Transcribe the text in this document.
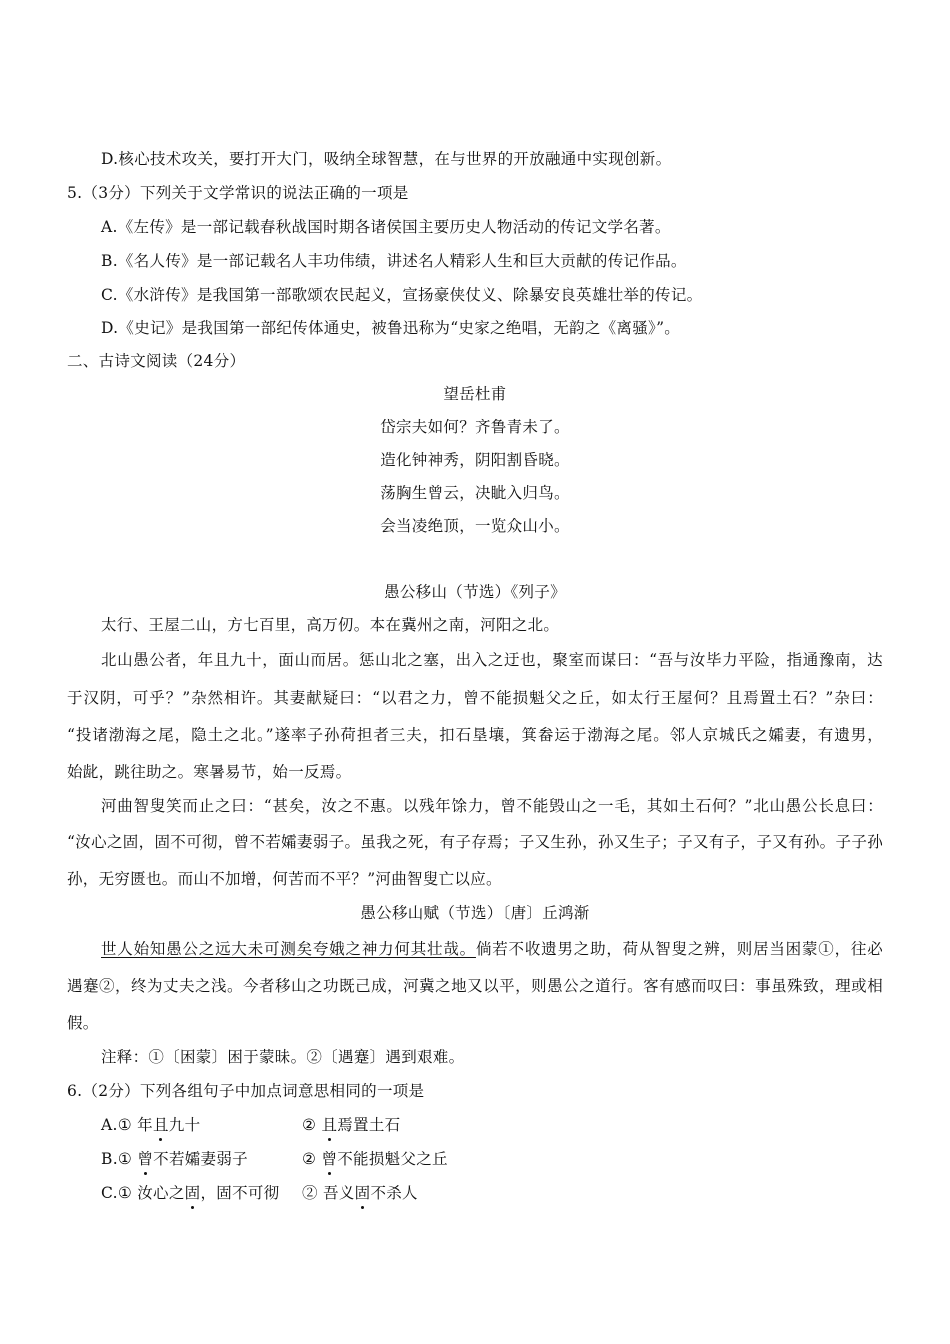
D.核心技术攻关，要打开大门，吸纳全球智慧，在与世界的开放融通中实现创新。
5.（3分）下列关于文学常识的说法正确的一项是
A.《左传》是一部记载春秋战国时期各诸侯国主要历史人物活动的传记文学名著。
B.《名人传》是一部记载名人丰功伟绩，讲述名人精彩人生和巨大贡献的传记作品。
C.《水浒传》是我国第一部歌颂农民起义，宣扬豪侠仗义、除暴安良英雄壮举的传记。
D.《史记》是我国第一部纪传体通史，被鲁迅称为“史家之绝唱，无韵之《离骚》”。
二、古诗文阅读（24分）
望岳杜甫
岱宗夫如何？齐鲁青未了。
造化钟神秀，阴阳割昏晓。
荡胸生曾云，决眦入归鸟。
会当凌绝顶，一览众山小。
愚公移山（节选）《列子》
太行、王屋二山，方七百里，高万仞。本在冀州之南，河阳之北。
北山愚公者，年且九十，面山而居。惩山北之塞，出入之迂也，聚室而谋曰：“吾与汝毕力平险，指通豫南，达
于汉阴，可乎？”杂然相许。其妻献疑曰：“以君之力，曾不能损魁父之丘，如太行王屋何？且焉置土石？”杂曰：
“投诸渤海之尾，隐土之北。”遂率子孙荷担者三夫，扣石垦壤，箕畚运于渤海之尾。邻人京城氏之孀妻，有遗男，
始龀，跳往助之。寒暑易节，始一反焉。
河曲智叟笑而止之曰：“甚矣，汝之不惠。以残年馀力，曾不能毁山之一毛，其如土石何？”北山愚公长息曰：
“汝心之固，固不可彻，曾不若孀妻弱子。虽我之死，有子存焉；子又生孙，孙又生子；子又有子，子又有孙。子子孙
孙，无穷匮也。而山不加增，何苦而不平？”河曲智叟亡以应。
愚公移山赋（节选）〔唐〕丘鸿渐
世人始知愚公之远大未可测矣夸娥之神力何其壮哉。倘若不收遗男之助，荷从智叟之辨，则居当困蒙①，往必
遇蹇②，终为丈夫之浅。今者移山之功既己成，河冀之地又以平，则愚公之道行。客有感而叹曰：事虽殊致，理或相
假。
注释：①〔困蒙〕困于蒙昧。②〔遇蹇〕遇到艰难。
6.（2分）下列各组句子中加点词意思相同的一项是
A.① 年且九十	② 且焉置土石
B.① 曾不若孀妻弱子	② 曾不能损魁父之丘
C.① 汝心之固，固不可彻 ② 吾义固不杀人
